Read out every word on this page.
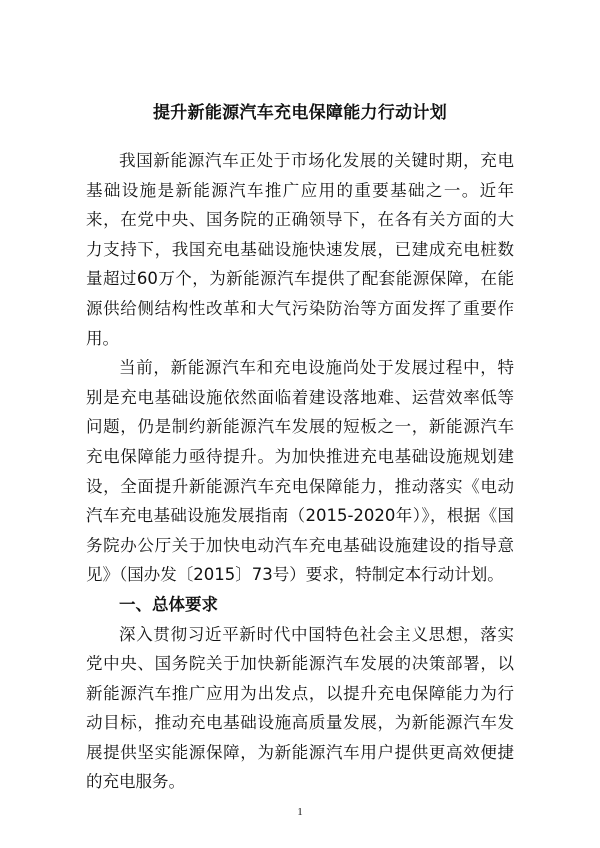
提升新能源汽车充电保障能力行动计划

我国新能源汽车正处于市场化发展的关键时期，充电基础设施是新能源汽车推广应用的重要基础之一。近年来，在党中央、国务院的正确领导下，在各有关方面的大力支持下，我国充电基础设施快速发展，已建成充电桩数量超过60万个，为新能源汽车提供了配套能源保障，在能源供给侧结构性改革和大气污染防治等方面发挥了重要作用。

当前，新能源汽车和充电设施尚处于发展过程中，特别是充电基础设施依然面临着建设落地难、运营效率低等问题，仍是制约新能源汽车发展的短板之一，新能源汽车充电保障能力亟待提升。为加快推进充电基础设施规划建设，全面提升新能源汽车充电保障能力，推动落实《电动汽车充电基础设施发展指南（2015-2020年）》，根据《国务院办公厅关于加快电动汽车充电基础设施建设的指导意见》（国办发〔2015〕73号）要求，特制定本行动计划。

一、总体要求

深入贯彻习近平新时代中国特色社会主义思想，落实党中央、国务院关于加快新能源汽车发展的决策部署，以新能源汽车推广应用为出发点，以提升充电保障能力为行动目标，推动充电基础设施高质量发展，为新能源汽车发展提供坚实能源保障，为新能源汽车用户提供更高效便捷的充电服务。

1
